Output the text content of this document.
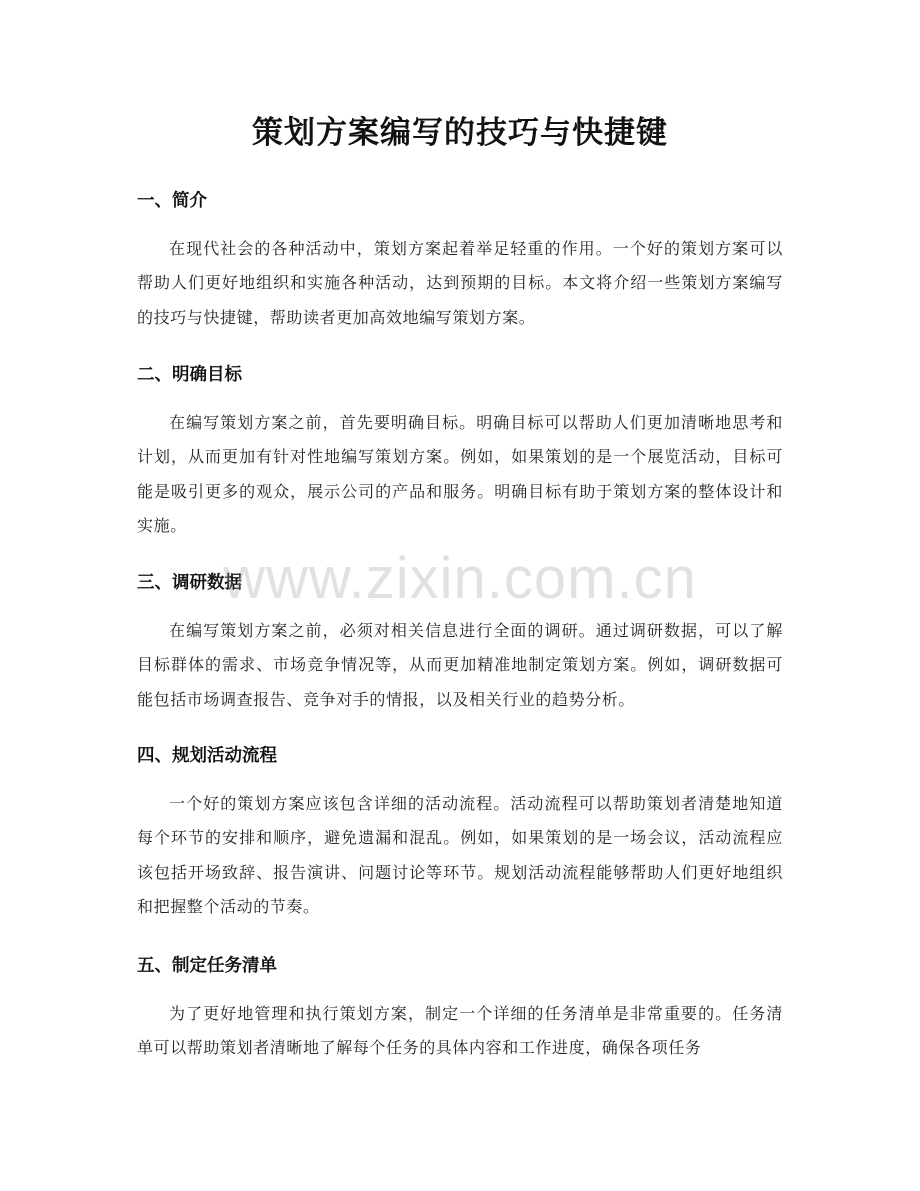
策划方案编写的技巧与快捷键
一、简介

在现代社会的各种活动中，策划方案起着举足轻重的作用。一个好的策划方案可以帮助人们更好地组织和实施各种活动，达到预期的目标。本文将介绍一些策划方案编写的技巧与快捷键，帮助读者更加高效地编写策划方案。

二、明确目标

在编写策划方案之前，首先要明确目标。明确目标可以帮助人们更加清晰地思考和计划，从而更加有针对性地编写策划方案。例如，如果策划的是一个展览活动，目标可能是吸引更多的观众，展示公司的产品和服务。明确目标有助于策划方案的整体设计和实施。

三、调研数据

在编写策划方案之前，必须对相关信息进行全面的调研。通过调研数据，可以了解目标群体的需求、市场竞争情况等，从而更加精准地制定策划方案。例如，调研数据可能包括市场调查报告、竞争对手的情报，以及相关行业的趋势分析。

四、规划活动流程

一个好的策划方案应该包含详细的活动流程。活动流程可以帮助策划者清楚地知道每个环节的安排和顺序，避免遗漏和混乱。例如，如果策划的是一场会议，活动流程应该包括开场致辞、报告演讲、问题讨论等环节。规划活动流程能够帮助人们更好地组织和把握整个活动的节奏。

五、制定任务清单

为了更好地管理和执行策划方案，制定一个详细的任务清单是非常重要的。任务清单可以帮助策划者清晰地了解每个任务的具体内容和工作进度，确保各项任务

www.zixin.com.cn
